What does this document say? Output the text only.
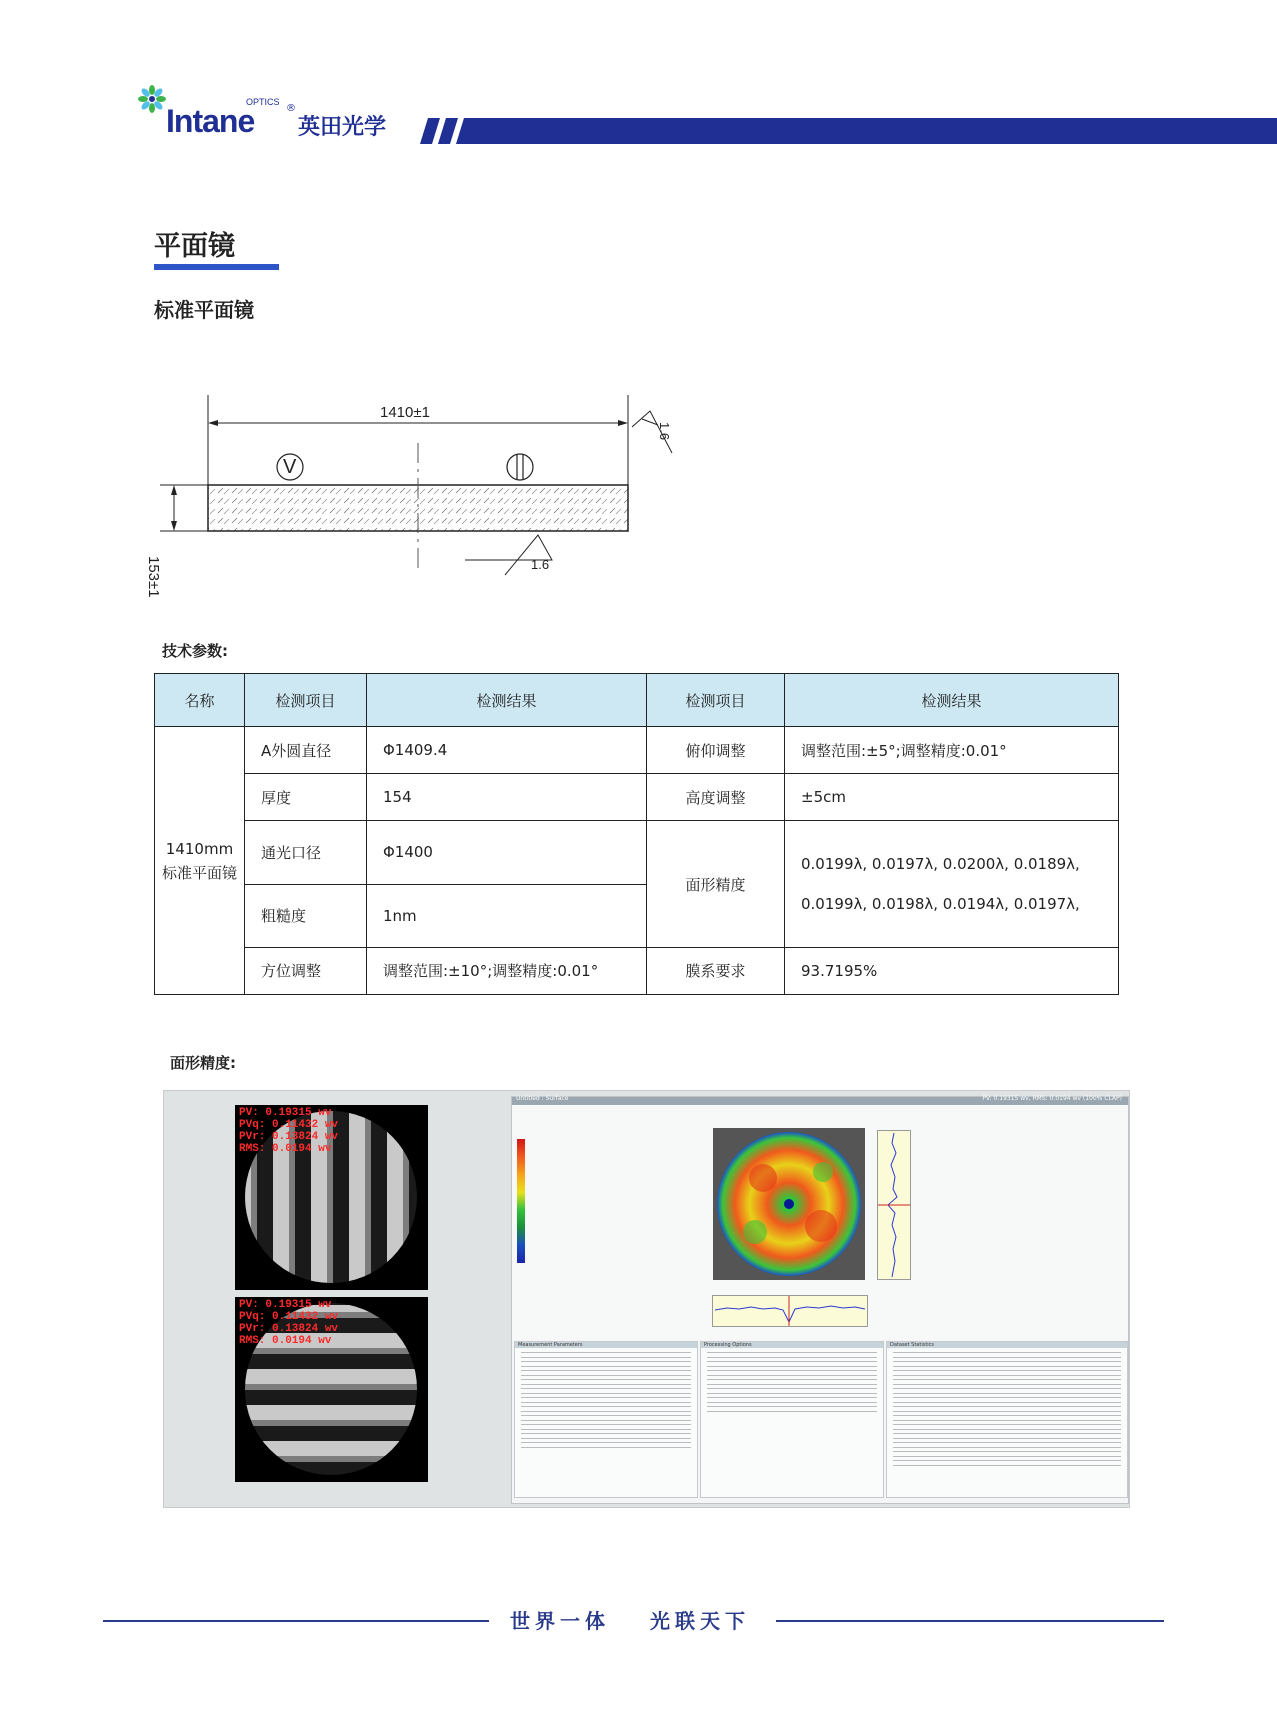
Intane
OPTICS
®
英田光学
平面镜
标准平面镜
1410±1
153±1
1.6
1.6
V
技术参数:
名称	检测项目	检测结果	检测项目	检测结果

1410mm
标准平面镜	A外圆直径	Φ1409.4	俯仰调整	调整范围:±5°;调整精度:0.01°
	厚度	154	高度调整	±5cm
	通光口径	Φ1400	面形精度	0.0199λ, 0.0197λ, 0.0200λ, 0.0189λ,
0.0199λ, 0.0198λ, 0.0194λ, 0.0197λ,

	粗糙度	1nm		
	方位调整	调整范围:±10°;调整精度:0.01°	膜系要求	93.7195%
面形精度:
PV: 0.19315 wv
PVq: 0.11432 wv
PVr: 0.13824 wv
RMS: 0.0194 wv
PV: 0.19315 wv
PVq: 0.11432 wv
PVr: 0.13824 wv
RMS: 0.0194 wv
Untitled : Surface	PV: 0.19315 wv, RMS: 0.0194 wv (100% CLAP)
Measurement Parameters	Processing Options	Dataset Statistics
世界一体 光联天下
